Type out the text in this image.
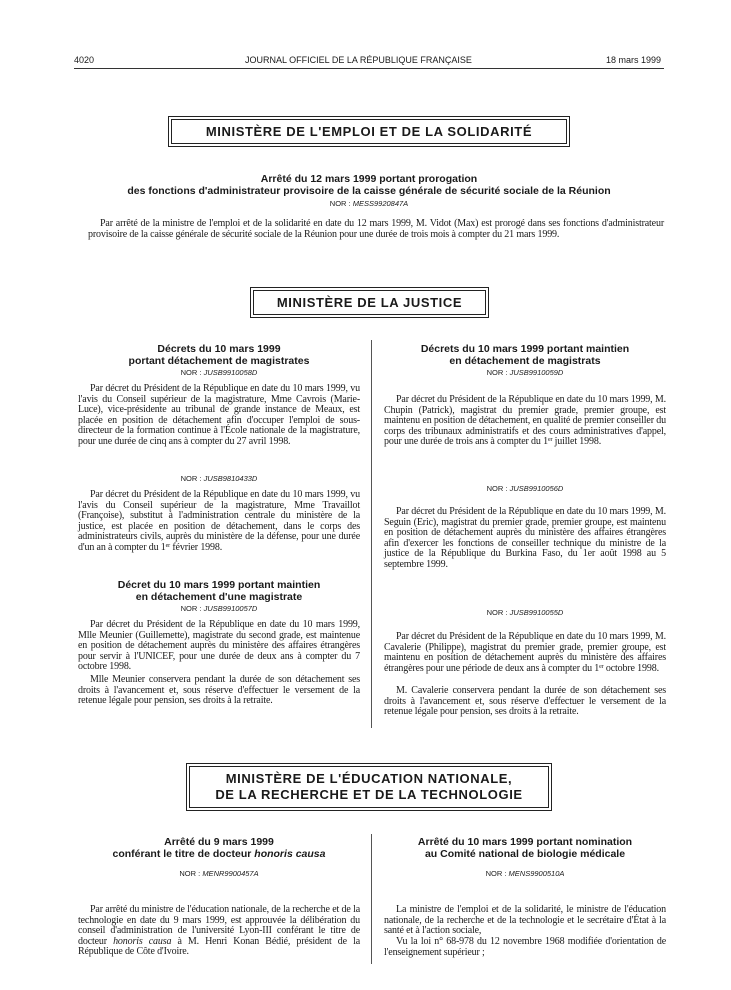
4020	JOURNAL OFFICIEL DE LA RÉPUBLIQUE FRANÇAISE	18 mars 1999
MINISTÈRE DE L'EMPLOI ET DE LA SOLIDARITÉ
Arrêté du 12 mars 1999 portant prorogation
des fonctions d'administrateur provisoire de la caisse générale de sécurité sociale de la Réunion
NOR : MESS9920847A

Par arrêté de la ministre de l'emploi et de la solidarité en date du 12 mars 1999, M. Vidot (Max) est prorogé dans ses fonctions d'administrateur provisoire de la caisse générale de sécurité sociale de la Réunion pour une durée de trois mois à compter du 21 mars 1999.

MINISTÈRE DE LA JUSTICE
Décrets du 10 mars 1999
portant détachement de magistrates
NOR : JUSB9910058D

Par décret du Président de la République en date du 10 mars 1999, vu l'avis du Conseil supérieur de la magistrature, Mme Cavrois (Marie-Luce), vice-présidente au tribunal de grande instance de Meaux, est placée en position de détachement afin d'occuper l'emploi de sous-directeur de la formation continue à l'École nationale de la magistrature, pour une durée de cinq ans à compter du 27 avril 1998.

NOR : JUSB9810433D

Par décret du Président de la République en date du 10 mars 1999, vu l'avis du Conseil supérieur de la magistrature, Mme Travaillot (Françoise), substitut à l'administration centrale du ministère de la justice, est placée en position de détachement, dans le corps des administrateurs civils, auprès du ministère de la défense, pour une durée d'un an à compter du 1er février 1998.

Décret du 10 mars 1999 portant maintien
en détachement d'une magistrate
NOR : JUSB9910057D

Par décret du Président de la République en date du 10 mars 1999, Mlle Meunier (Guillemette), magistrate du second grade, est maintenue en position de détachement auprès du ministère des affaires étrangères pour servir à l'UNICEF, pour une durée de deux ans à compter du 7 octobre 1998.

Mlle Meunier conservera pendant la durée de son détachement ses droits à l'avancement et, sous réserve d'effectuer le versement de la retenue légale pour pension, ses droits à la retraite.

Décrets du 10 mars 1999 portant maintien
en détachement de magistrats
NOR : JUSB9910059D

Par décret du Président de la République en date du 10 mars 1999, M. Chupin (Patrick), magistrat du premier grade, premier groupe, est maintenu en position de détachement, en qualité de premier conseiller du corps des tribunaux administratifs et des cours administratives d'appel, pour une durée de trois ans à compter du 1er juillet 1998.

NOR : JUSB9910056D

Par décret du Président de la République en date du 10 mars 1999, M. Seguin (Eric), magistrat du premier grade, premier groupe, est maintenu en position de détachement auprès du ministère des affaires étrangères afin d'exercer les fonctions de conseiller technique du ministre de la justice de la République du Burkina Faso, du 1er août 1998 au 5 septembre 1999.

NOR : JUSB9910055D

Par décret du Président de la République en date du 10 mars 1999, M. Cavalerie (Philippe), magistrat du premier grade, premier groupe, est maintenu en position de détachement auprès du ministère des affaires étrangères pour une période de deux ans à compter du 1er octobre 1998.

M. Cavalerie conservera pendant la durée de son détachement ses droits à l'avancement et, sous réserve d'effectuer le versement de la retenue légale pour pension, ses droits à la retraite.

MINISTÈRE DE L'ÉDUCATION NATIONALE,
DE LA RECHERCHE ET DE LA TECHNOLOGIE
Arrêté du 9 mars 1999
conférant le titre de docteur honoris causa
NOR : MENR9900457A

Par arrêté du ministre de l'éducation nationale, de la recherche et de la technologie en date du 9 mars 1999, est approuvée la délibération du conseil d'administration de l'université Lyon-III conférant le titre de docteur honoris causa à M. Henri Konan Bédié, président de la République de Côte d'Ivoire.

Arrêté du 10 mars 1999 portant nomination
au Comité national de biologie médicale
NOR : MENS9900510A

La ministre de l'emploi et de la solidarité, le ministre de l'éducation nationale, de la recherche et de la technologie et le secrétaire d'État à la santé et à l'action sociale,

Vu la loi n° 68-978 du 12 novembre 1968 modifiée d'orientation de l'enseignement supérieur ;
